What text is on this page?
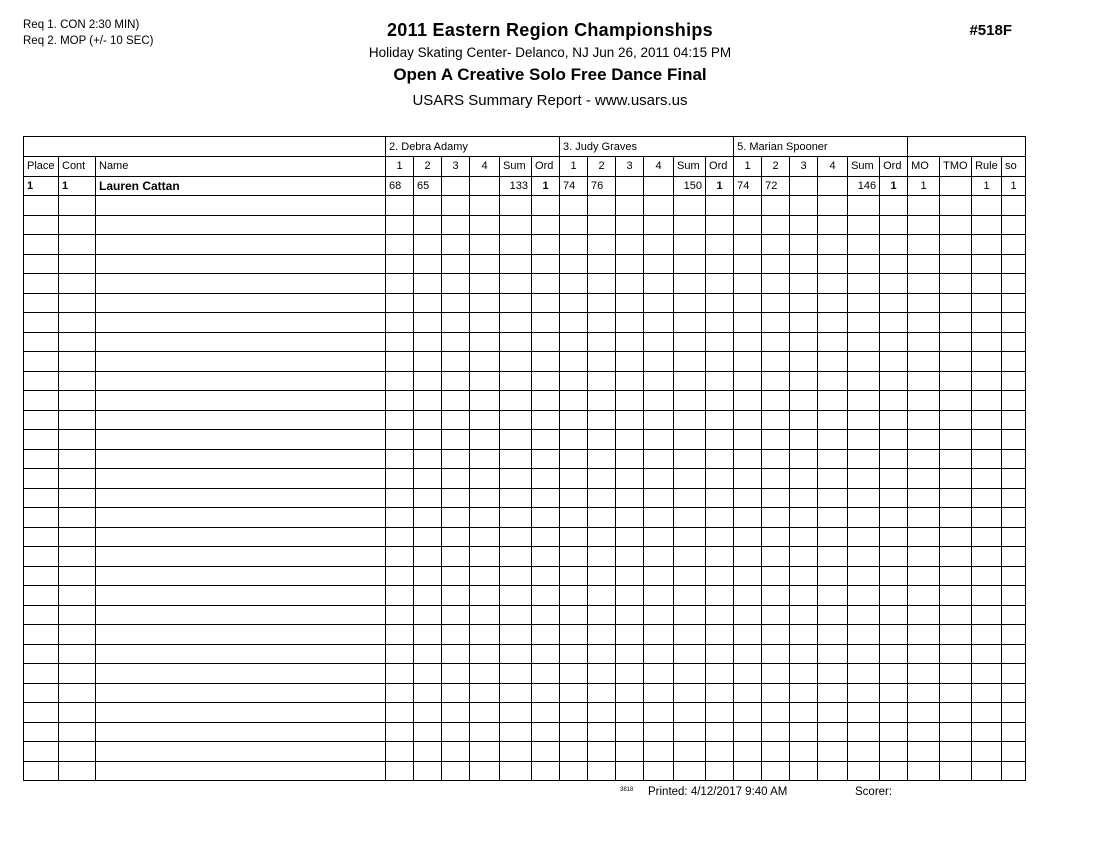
Req 1. CON 2:30 MIN)
Req 2. MOP (+/- 10 SEC)
2011 Eastern Region Championships
Holiday Skating Center- Delanco, NJ Jun 26, 2011 04:15 PM
Open A Creative Solo Free Dance Final
USARS Summary Report - www.usars.us
#518F
			2. Debra Adamy						3. Judy Graves						5. Marian Spooner									
Place	Cont	Name	1	2	3	4	Sum	Ord	1	2	3	4	Sum	Ord	1	2	3	4	Sum	Ord	MO	TMO	Rule	so
1	1	Lauren Cattan	68	65			133	1	74	76			150	1	74	72			146	1	1		1	1

3818 Printed: 4/12/2017 9:40 AM	Scorer:
